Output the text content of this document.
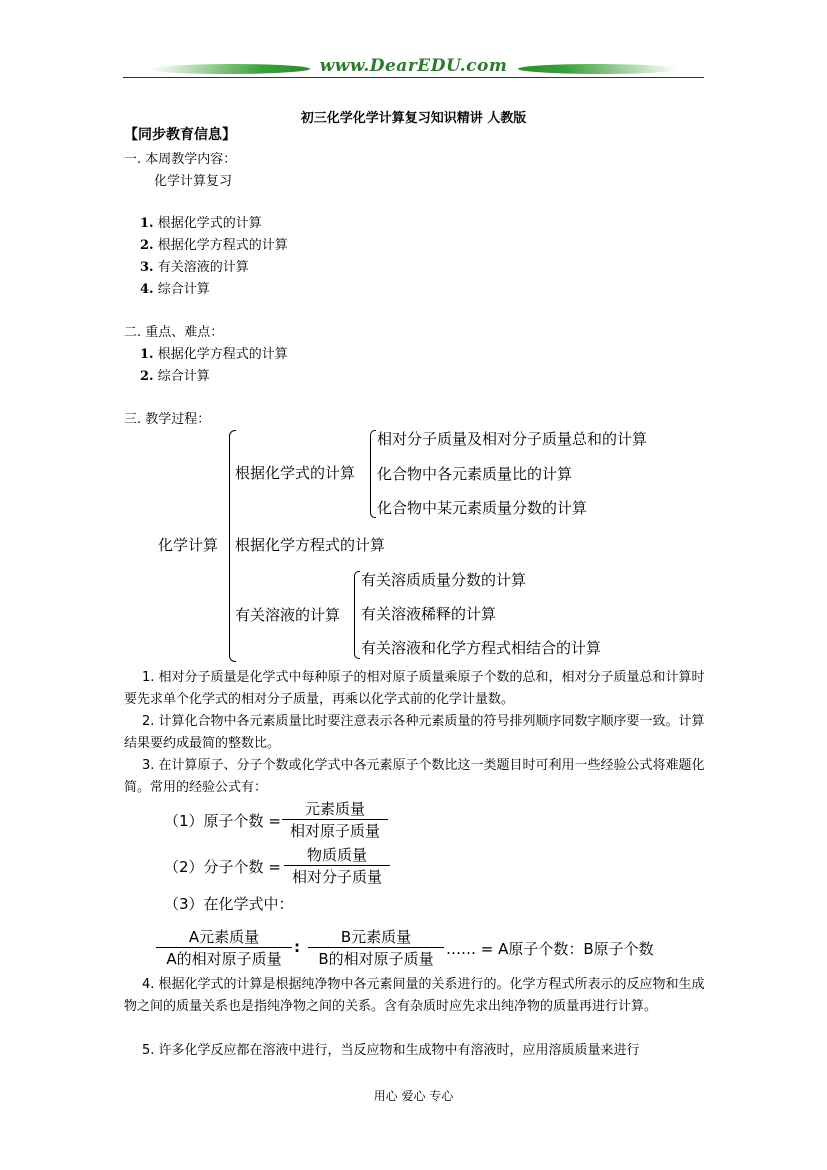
www.DearEDU.com
初三化学化学计算复习知识精讲 人教版
【同步教育信息】
一. 本周教学内容：
化学计算复习
1. 根据化学式的计算
2. 根据化学方程式的计算
3. 有关溶液的计算
4. 综合计算
二. 重点、难点：
1. 根据化学方程式的计算
2. 综合计算
三. 教学过程：
化学计算
根据化学式的计算
相对分子质量及相对分子质量总和的计算
化合物中各元素质量比的计算
化合物中某元素质量分数的计算
根据化学方程式的计算
有关溶液的计算
有关溶质质量分数的计算
有关溶液稀释的计算
有关溶液和化学方程式相结合的计算
1. 相对分子质量是化学式中每种原子的相对原子质量乘原子个数的总和，相对分子质量总和计算时要先求单个化学式的相对分子质量，再乘以化学式前的化学计量数。
2. 计算化合物中各元素质量比时要注意表示各种元素质量的符号排列顺序同数字顺序要一致。计算结果要约成最简的整数比。
3. 在计算原子、分子个数或化学式中各元素原子个数比这一类题目时可利用一些经验公式将难题化简。常用的经验公式有：
（1）原子个数 =
元素质量
相对原子质量
（2）分子个数 =
物质质量
相对分子质量
（3）在化学式中：
A元素质量
A的相对原子质量
:
B元素质量
B的相对原子质量
…… = A原子个数：B原子个数
4. 根据化学式的计算是根据纯净物中各元素间量的关系进行的。化学方程式所表示的反应物和生成物之间的质量关系也是指纯净物之间的关系。含有杂质时应先求出纯净物的质量再进行计算。
5. 许多化学反应都在溶液中进行，当反应物和生成物中有溶液时，应用溶质质量来进行
用心 爱心 专心
